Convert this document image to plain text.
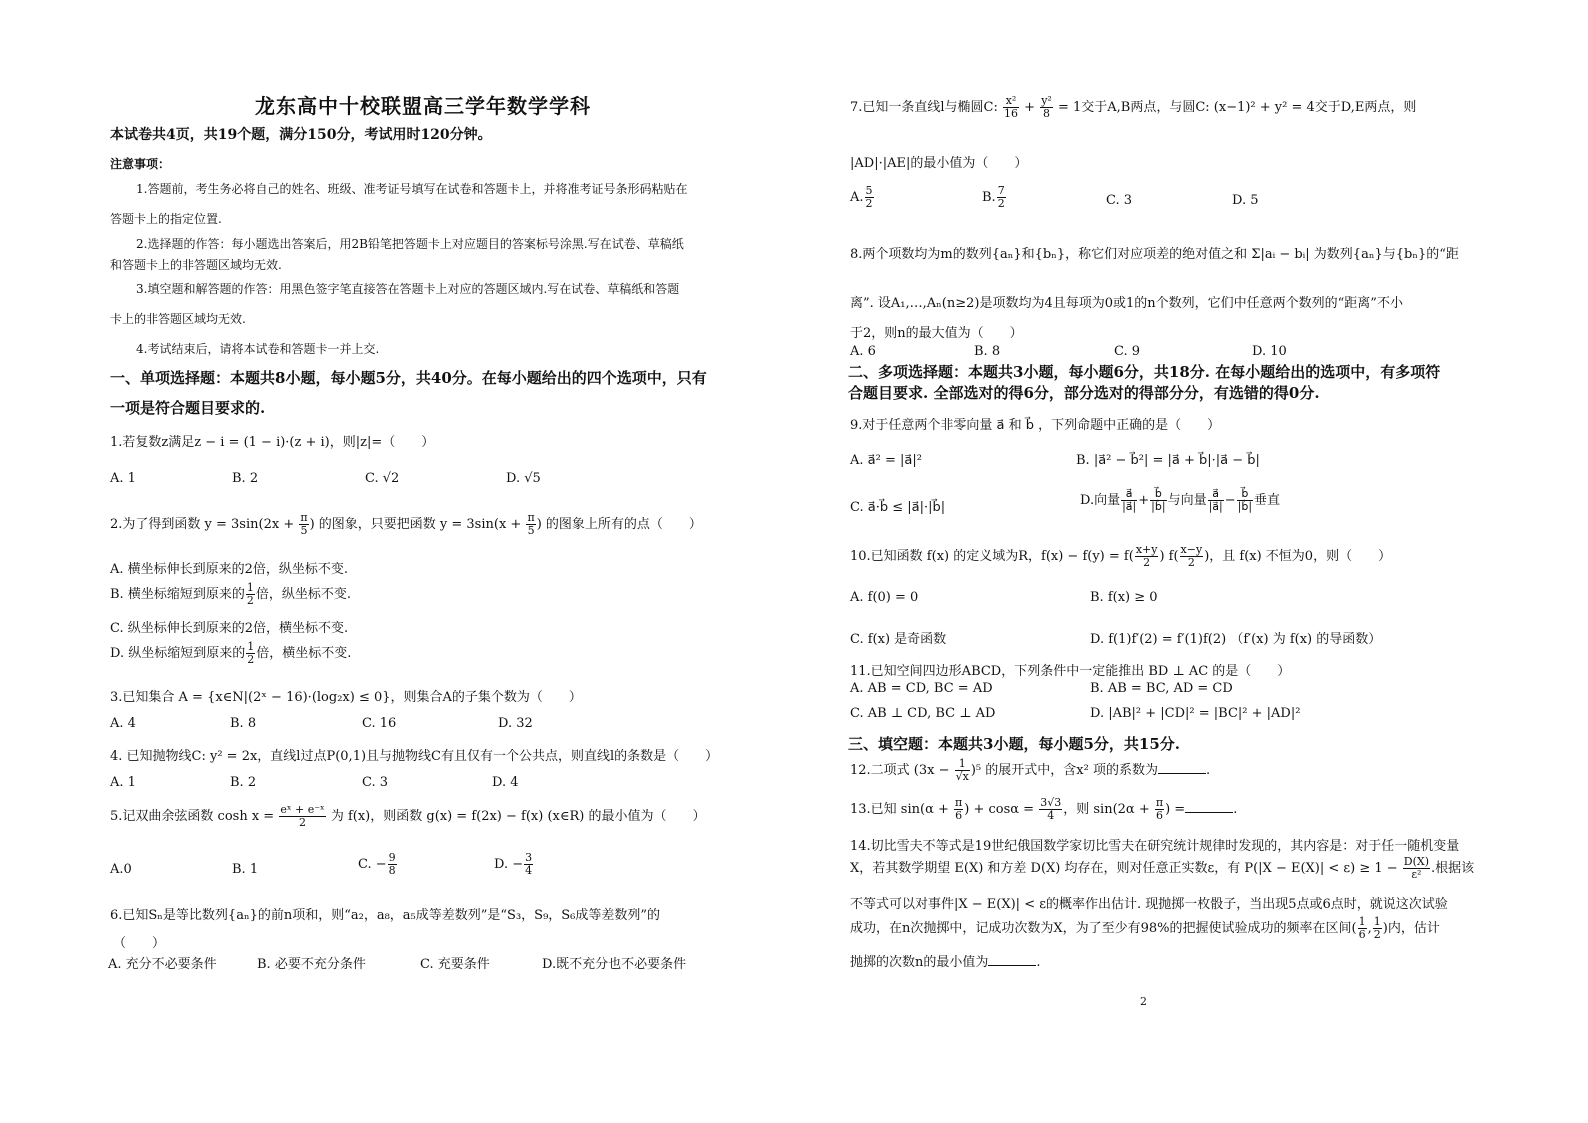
龙东高中十校联盟高三学年数学学科
本试卷共4页，共19个题，满分150分，考试用时120分钟。
注意事项：
1.答题前，考生务必将自己的姓名、班级、准考证号填写在试卷和答题卡上，并将准考证号条形码粘贴在
答题卡上的指定位置.
2.选择题的作答：每小题选出答案后，用2B铅笔把答题卡上对应题目的答案标号涂黑.写在试卷、草稿纸
和答题卡上的非答题区域均无效.
3.填空题和解答题的作答：用黑色签字笔直接答在答题卡上对应的答题区域内.写在试卷、草稿纸和答题
卡上的非答题区域均无效.
4.考试结束后，请将本试卷和答题卡一并上交.
一、单项选择题：本题共8小题，每小题5分，共40分。在每小题给出的四个选项中，只有
一项是符合题目要求的.
1.若复数z满足z − i = (1 − i)·(z + i)，则|z|=（　　）
A. 1	B. 2	C. √2	D. √5
2.为了得到函数 $y = 3\sin(2x + \frac{\pi}{5}$ ) 的图象，只要把函数 $y = 3\sin(x + \frac{\pi}{5}$ ) 的图象上所有的点（　　）
A. 横坐标伸长到原来的2倍，纵坐标不变.
B. 横坐标缩短到原来的 $\frac{1}{2}$ 倍，纵坐标不变.
C. 纵坐标伸长到原来的2倍，横坐标不变.
D. 纵坐标缩短到原来的 $\frac{1}{2}$ 倍，横坐标不变.
3.已知集合 A = {x∈N|(2ˣ − 16)·(log₂x) ≤ 0}，则集合A的子集个数为（　　）
A. 4	B. 8	C. 16	D. 32
4. 已知抛物线C: y² = 2x，直线l过点P(0,1)且与抛物线C有且仅有一个公共点，则直线l的条数是（　　）
A. 1	B. 2	C. 3	D. 4
5.记双曲余弦函数 $\cosh x = \frac{\text{eˣ + e⁻ˣ}}{2}$ 为 f(x)，则函数 g(x) = f(2x) − f(x) (x∈R) 的最小值为（　　）
A.0	B. 1	C. − $\frac{9}{8}$	D. − $\frac{3}{4}$
6.已知Sₙ是等比数列{aₙ}的前n项和，则“a₂，a₈，a₅成等差数列”是“S₃，S₉，S₆成等差数列”的
（　　）
A. 充分不必要条件	B. 必要不充分条件	C. 充要条件	D.既不充分也不必要条件
7.已知一条直线l与椭圆C: $\frac{\text{x²}}{16} + \frac{\text{y²}}{8} = 1$交于A,B两点，与圆C: (x−1)² + y² = 4交于D,E两点，则
|AD|·|AE|的最小值为（　　）
A. $\frac{5}{2}$	B. $\frac{7}{2}$	C. 3	D. 5
8.两个项数均为m的数列{aₙ}和{bₙ}，称它们对应项差的绝对值之和 Σ|aᵢ − bᵢ| 为数列{aₙ}与{bₙ}的“距
离”. 设A₁,…,Aₙ(n≥2)是项数均为4且每项为0或1的n个数列，它们中任意两个数列的“距离”不小
于2，则n的最大值为（　　）
A. 6	B. 8	C. 9	D. 10
二、多项选择题：本题共3小题，每小题6分，共18分. 在每小题给出的选项中，有多项符
合题目要求. 全部选对的得6分，部分选对的得部分分，有选错的得0分.
9.对于任意两个非零向量 a⃗ 和 b⃗ ，下列命题中正确的是（　　）
A. a⃗² = |a⃗|²	B. |a⃗² − b⃗²| = |a⃗ + b⃗|·|a⃗ − b⃗|
C. a⃗·b⃗ ≤ |a⃗|·|b⃗|	D.向量 $\frac{a⃗}{|a⃗|} + \frac{b⃗}{|b⃗|}$ 与向量 $\frac{a⃗}{|a⃗|} - \frac{b⃗}{|b⃗|}$ 垂直
10.已知函数 f(x) 的定义域为R，$f(x) - f(y) = f( \frac{x+y}{2}$ ) $f( \frac{x-y}{2}$ )，且 f(x) 不恒为0，则（　　）
A. f(0) = 0	B. f(x) ≥ 0
C. f(x) 是奇函数	D. f(1)f′(2) = f′(1)f(2) （f′(x) 为 f(x) 的导函数）
11.已知空间四边形ABCD，下列条件中一定能推出 BD ⊥ AC 的是（　　）
A. AB = CD, BC = AD	B. AB = BC, AD = CD
C. AB ⊥ CD, BC ⊥ AD	D. |AB|² + |CD|² = |BC|² + |AD|²
三、填空题：本题共3小题，每小题5分，共15分.
12.二项式 $(3x - \frac{1}{√x} )^5$ 的展开式中，含x² 项的系数为	.
13.已知 $\sin(\alpha + \frac{\pi}{6}$ ) + $\cos\alpha = \frac{3√3}{4}$ ，则 $\sin(2\alpha + \frac{\pi}{6}$ ) =	.
14.切比雪夫不等式是19世纪俄国数学家切比雪夫在研究统计规律时发现的，其内容是：对于任一随机变量
X，若其数学期望 E(X) 和方差 D(X) 均存在，则对任意正实数ε，有 $P(|X - E(X)| < \varepsilon) \ge 1 - \frac{D(X)}{\text{ε²}}$ .根据该
不等式可以对事件|X − E(X)| < ε的概率作出估计. 现抛掷一枚骰子，当出现5点或6点时，就说这次试验
成功，在n次抛掷中，记成功次数为X，为了至少有98%的把握使试验成功的频率在区间( $\frac{1}{6}$ , $\frac{1}{2}$ )内，估计
抛掷的次数n的最小值为	.
2
